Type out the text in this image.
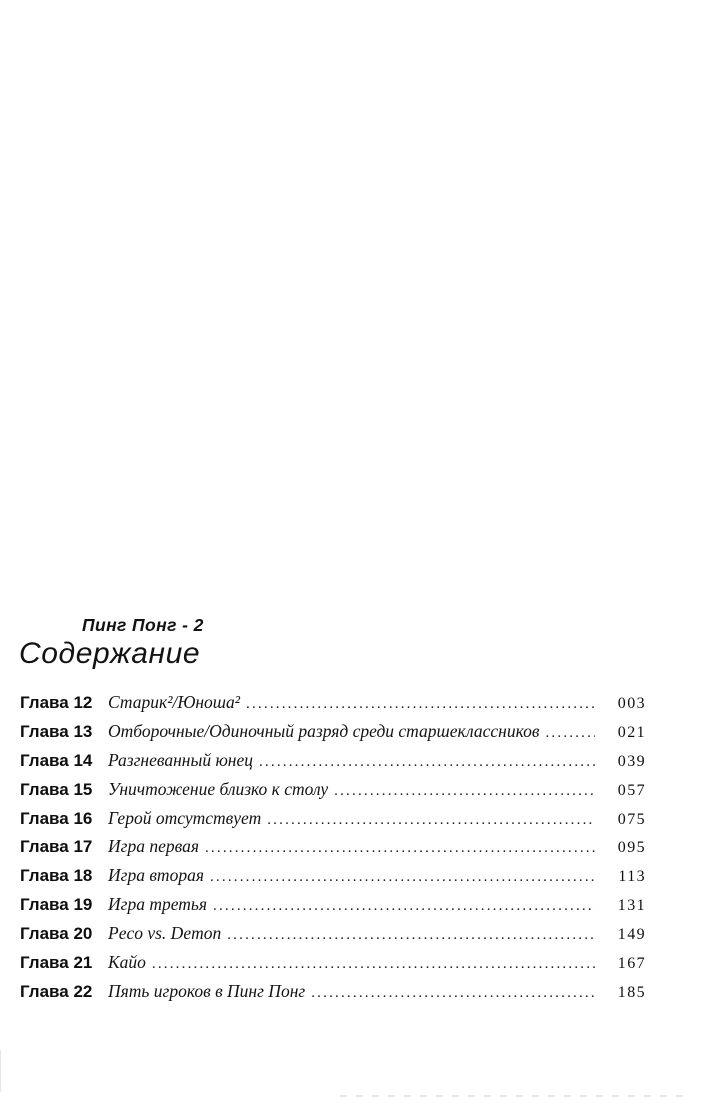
Пинг Понг - 2
Содержание
Глава 12 Старик²/Юноша² .....	003
Глава 13 Отборочные/Одиночный разряд среди старшеклассников .....	021
Глава 14 Разгневанный юнец .....	039
Глава 15 Уничтожение близко к столу .....	057
Глава 16 Герой отсутствует .....	075
Глава 17 Игра первая .....	095
Глава 18 Игра вторая .....	113
Глава 19 Игра третья .....	131
Глава 20 Peco vs. Demon .....	149
Глава 21 Кайо .....	167
Глава 22 Пять игроков в Пинг Понг .....	185
